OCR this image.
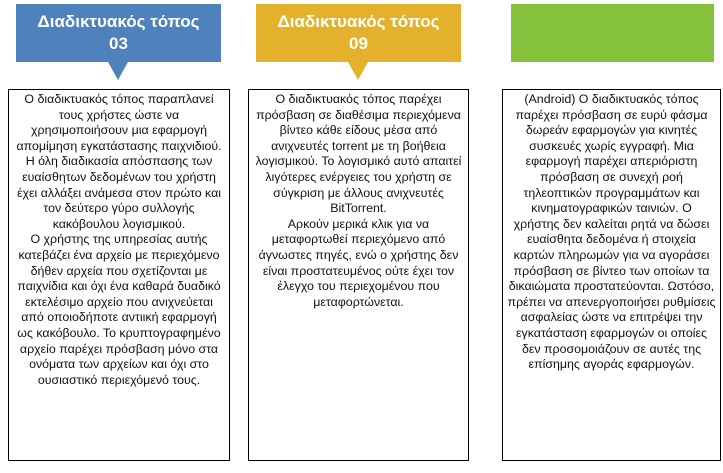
Διαδικτυακός τόπος
03

Ο διαδικτυακός τόπος παραπλανεί τους χρήστες ώστε να χρησιμοποιήσουν μια εφαρμογή απομίμηση εγκατάστασης παιχνιδιού. Η όλη διαδικασία απόσπασης των ευαίσθητων δεδομένων του χρήστη έχει αλλάξει ανάμεσα στον πρώτο και τον δεύτερο γύρο συλλογής κακόβουλου λογισμικού.

Ο χρήστης της υπηρεσίας αυτής κατεβάζει ένα αρχείο με περιεχόμενο δήθεν αρχεία που σχετίζονται με παιχνίδια και όχι ένα καθαρά δυαδικό εκτελέσιμο αρχείο που ανιχνεύεται από οποιοδήποτε αντιική εφαρμογή ως κακόβουλο. Το κρυπτογραφημένο αρχείο παρέχει πρόσβαση μόνο στα ονόματα των αρχείων και όχι στο ουσιαστικό περιεχόμενό τους.

Διαδικτυακός τόπος
09

Ο διαδικτυακός τόπος παρέχει πρόσβαση σε διαθέσιμα περιεχόμενα βίντεο κάθε είδους μέσα από ανιχνευτές torrent με τη βοήθεια λογισμικού. Το λογισμικό αυτό απαιτεί λιγότερες ενέργειες του χρήστη σε σύγκριση με άλλους ανιχνευτές BitTorrent.

Αρκούν μερικά κλικ για να μεταφορτωθεί περιεχόμενο από άγνωστες πηγές, ενώ ο χρήστης δεν είναι προστατευμένος ούτε έχει τον έλεγχο του περιεχομένου που μεταφορτώνεται.

(Android) Ο διαδικτυακός τόπος παρέχει πρόσβαση σε ευρύ φάσμα δωρεάν εφαρμογών για κινητές συσκευές χωρίς εγγραφή. Μια εφαρμογή παρέχει απεριόριστη πρόσβαση σε συνεχή ροή τηλεοπτικών προγραμμάτων και κινηματογραφικών ταινιών. Ο χρήστης δεν καλείται ρητά να δώσει ευαίσθητα δεδομένα ή στοιχεία καρτών πληρωμών για να αγοράσει πρόσβαση σε βίντεο των οποίων τα δικαιώματα προστατεύονται. Ωστόσο, πρέπει να απενεργοποιήσει ρυθμίσεις ασφαλείας ώστε να επιτρέψει την εγκατάσταση εφαρμογών οι οποίες δεν προσομοιάζουν σε αυτές της επίσημης αγοράς εφαρμογών.
